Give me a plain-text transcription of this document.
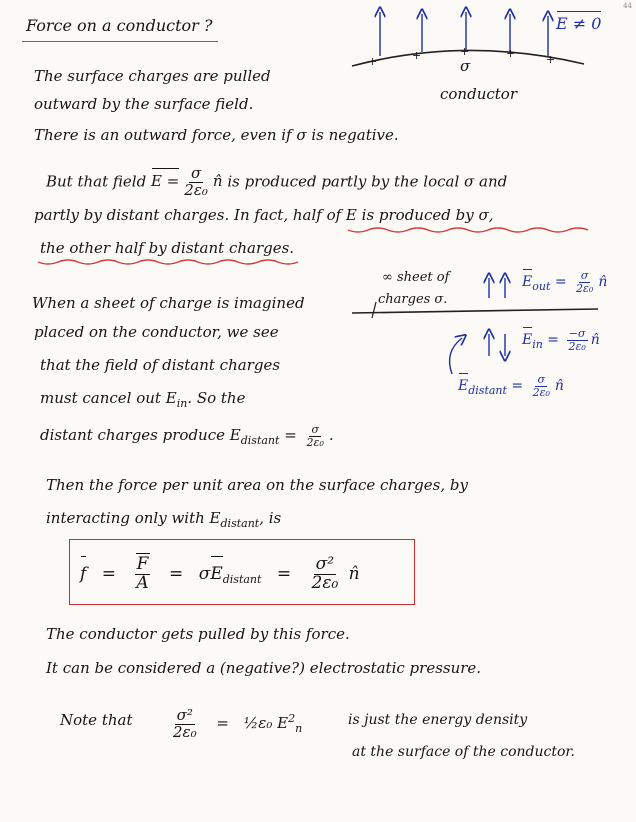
44
Force on a conductor ?
+	+	+	+	+
σ
E ≠ 0
conductor
The surface charges are pulled
outward by the surface field.
There is an outward force, even if σ is negative.
But that field $E = \frac{\sigma}{\text{2ε₀}}$ n̂ is produced partly by the local σ and
partly by distant charges. In fact, half of E is produced by σ,
the other half by distant charges.
∞ sheet of
charges σ.
$E_{out} = \frac{\sigma}{\text{2ε₀}}$ n̂
$E_{in} = \frac{-\sigma}{\text{2ε₀}}$ n̂
$E_{distant} = \frac{\sigma}{\text{2ε₀}}$ n̂
When a sheet of charge is imagined
placed on the conductor, we see
that the field of distant charges
must cancel out $E_{in}$. So the
distant charges produce $E_{distant} = \frac{\sigma}{\text{2ε₀}}$ .
Then the force per unit area on the surface charges, by
interacting only with $E_{distant}$, is
$f = \frac{F}{A} = \sigma E_{distant} = \frac{\text{σ²}}{\text{2ε₀}}$ n̂
The conductor gets pulled by this force.
It can be considered a (negative?) electrostatic pressure.
Note that	$\frac{\text{σ²}}{\text{2ε₀}}$ = ½ε₀ $E^2_n$
is just the energy density
at the surface of the conductor.
